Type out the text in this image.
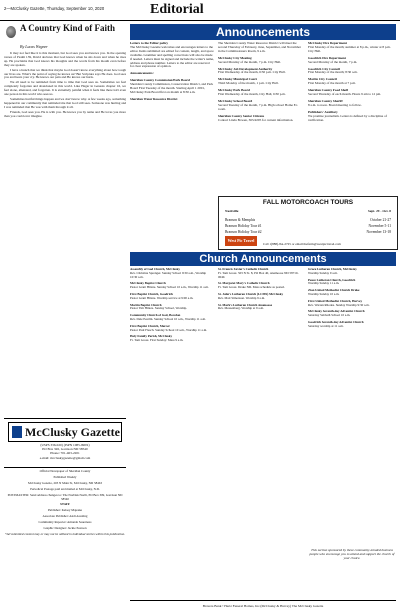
2—McClusky Gazette, Thursday, September 10, 2020	Editorial
A Country Kind of Faith
By Lucas Wegner

It may not feel like it is this moment, but God sees you and knows you. In the opening verses of Psalm 139, David declares that God knows when he sits down and when he rises up. He proclaims that God knows his thoughts and the words from his mouth even before they are spoken.

I have a hunch that we think that maybe God doesn't know everything about how tough our lives are. What's the point of saying he knows us? But Scripture says He does. God sees you and hears your cry. He knows our pain and He knows our hurts.

We all need to be reminded from time to time that God sees us. Sometimes we feel completely forgotten and abandoned in this world. Like Hagar in Genesis chapter 16, we feel alone, alienated, and forgotten. It is extremely painful when it feels like there isn't even one person in this world who sees us.

Sometimes hurtful things happen and we don't know why. A few weeks ago, something happened in our community that reminded me that God still sees. Someone was hurting and I was reminded that He was with them through it all.

Friends, God sees you. He is with you. He knows you by name and He loves you more than you could ever imagine.

McClusky Gazette
(USPS 336-020) (ISPN 1085-990X)
PO Box 326, Garrison ND 58540
Phone: 701-463-2201
e-mail: mccluskygazette@gmail.com
Official Newspaper of Sheridan County
Published Weekly
McClusky Gazette, 203 N Main St, McClusky, ND 58463
Periodical Postage paid and mailed at McClusky, N.D.
POSTMASTER: Send address changes to: The NorDak North, PO Box 309, Garrison ND 58540
STAFF
Publisher: Kelsey Majeske
Associate Publisher: Andi Arealing
Community Reporter: Amanda Sauerness
Graphic Designer: Jackie Pearson
*All submitted content may or may not be utilized in individual stories within this publication.
Announcements
Letters to the Editor policy
The McClusky Gazette welcomes and encourages letters to the editor. Items submitted are edited for content, length, and space available. Grammar and spelling corrections will also be made if needed. Letters must be signed and include the writer's name, address and phone number. Letters to the editor are reserved for clear expression of opinion.
Announcements:
Sheridan County Commission/Park Board
Sheridan County Commission, Conservation District, and Park Board First Tuesday of the month. Starting April 1 2001, McClusky Park Board first on month at 8:30 a.m.
Sheridan Water Resource District
The Sheridan County Water Resource District will meet the second Thursday of February, June, September, and November in the Commissioners Room, 9 a.m.
McClusky City Meeting
Second Monday of the month, 7 p.m. City Hall.
McClusky Job Development Authority
First Wednesday of the month, 6:30 p.m. City Hall.
McClusky Municipal Court
Third Monday of the month, 1 p.m. City Hall.
McClusky Park Board
First Wednesday of the month, City Hall, 6:30 p.m.
McClusky School Board
Second Tuesday of the month, 7 p.m. High school Home Ec. room.
Sheridan County Senior Citizens
Contact Linda Bowen, 363-9205 for current information.
McClusky Fire Department
First Monday of the month; summer at 8 p.m., winter at 8 p.m. City Hall.
Goodrich Fire Department
Second Monday of the month, 7 p.m.
Goodrich City Council
First Monday of the month; 8:30 a.m.
Martin City Council
First Monday of the month at 7 p.m.
Sheridan County Food Shelf
Second Thursday of each month. Hours 9 am to 12 pm.
Sheridan County Sheriff
8 a.m. to noon. Board meeting to follow.
Publishers' Auxiliary
We promise journalism. Letters is defined by a discipline of verification.
FALL MOTORCOACH TOURS
Nashville	Sept. 29 - Oct. 8
Branson & Memphis	October 21-27
Branson Holiday Tour #1	November 5-11
Branson Holiday Tour #2	November 13-18
West Pic Travel
Call 1(888)-8A-2725 or email thefarm@westpictravel.com
Church Announcements
Assembly of God Church, McClusky
Rev. Christine Sprenger. Sunday School 9:30 a.m., Worship 10:30 a.m.
McClusky Baptist Church
Pastor Grant Hintze. Sunday School 10 a.m., Worship 11 a.m.
First Baptist Church, Goodrich
Pastor Grant Hintze. Worship service at 9:00 a.m.
Martin Baptist Church
Pastor Tim Hintze. Sunday School, Worship.
Community Church of God, Bowdon
Rev. Dale Pearlm. Sunday School 10 a.m., Worship 11 a.m.
First Baptist Church, Mercer
Pastor Paul Flesch. Sunday School 10 a.m., Worship 11 a.m.
Holy Family Parish, McClusky
Fr. Tom Grosz. First Sunday: Mass 9 a.m.
St. Francis Xavier's Catholic Church
Fr. Tom Grosz. 503 N St. 8, PO Box 40, Anamoose ND 58710-0040.
St. Margaret Mary's Catholic Church
Fr. Tom Grosz. Drake ND. Mass schedule as posted.
St. John's Lutheran Church (LCMS) McClusky
Rev. Matt Simonson. Worship 9 a.m.
St. Mark's Lutheran Church Anamoose
Rev. Messenberg. Worship at 9 a.m.
Grace Lutheran Church, McClusky
Worship Sunday 9 a.m.
Peace Lutheran Church, Goodrich
Worship Sunday 11 a.m.
Zion United Methodist Church Drake
Worship Sunday 10 a.m.
First United Methodist Church, Harvey
Rev. Warren Rhodes. Sunday Worship 9:30 a.m.
McClusky Seventh-day Adventist Church
Saturday Sabbath School 10 a.m.
Goodrich Seventh-day Adventist Church
Saturday worship at 11 a.m.
This section sponsored by these community-minded business people who encourage you to attend and support the church of your choice.
Bravera Bank • Hertz Funeral Homes, Inc.(McClusky & Harvey) The McClusky Gazette
